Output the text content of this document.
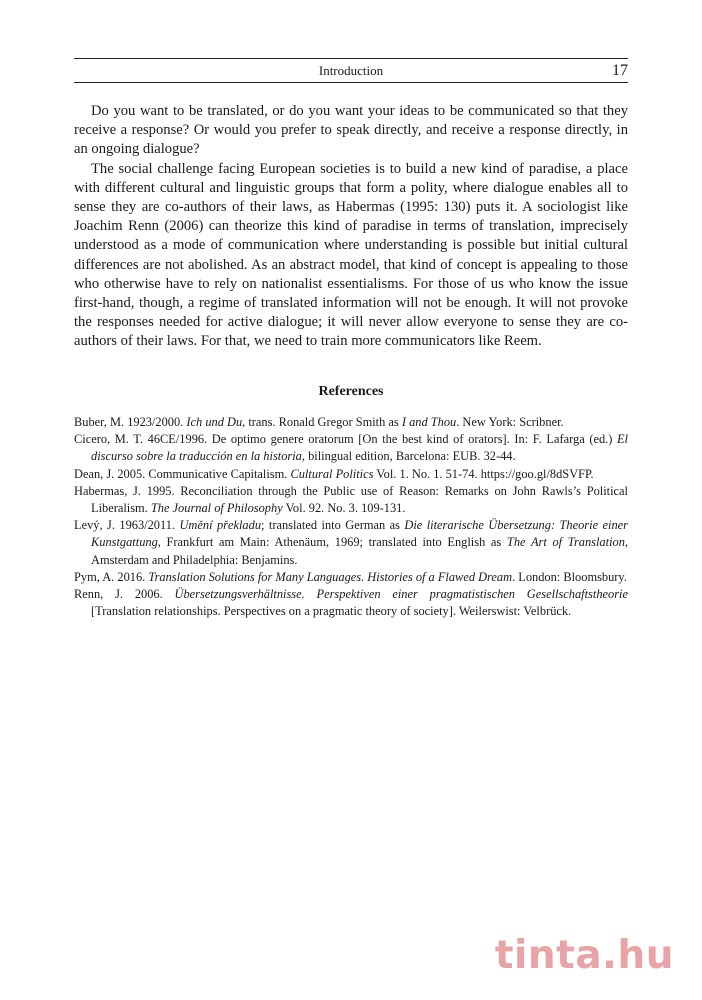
Introduction	17

Do you want to be translated, or do you want your ideas to be communicated so that they receive a response? Or would you prefer to speak directly, and receive a response directly, in an ongoing dialogue?

The social challenge facing European societies is to build a new kind of paradise, a place with different cultural and linguistic groups that form a polity, where dialogue enables all to sense they are co-authors of their laws, as Habermas (1995: 130) puts it. A sociologist like Joachim Renn (2006) can theorize this kind of paradise in terms of translation, imprecisely understood as a mode of communication where understanding is possible but initial cultural differences are not abolished. As an abstract model, that kind of concept is appealing to those who otherwise have to rely on nationalist essentialisms. For those of us who know the issue first-hand, though, a regime of translated information will not be enough. It will not provoke the responses needed for active dialogue; it will never allow everyone to sense they are co-authors of their laws. For that, we need to train more communicators like Reem.

References

Buber, M. 1923/2000. Ich und Du, trans. Ronald Gregor Smith as I and Thou. New York: Scribner.

Cicero, M. T. 46CE/1996. De optimo genere oratorum [On the best kind of orators]. In: F. Lafarga (ed.) El discurso sobre la traducción en la historia, bilingual edition, Barcelona: EUB. 32-44.

Dean, J. 2005. Communicative Capitalism. Cultural Politics Vol. 1. No. 1. 51-74. https://goo.gl/8dSVFP.

Habermas, J. 1995. Reconciliation through the Public use of Reason: Remarks on John Rawls’s Political Liberalism. The Journal of Philosophy Vol. 92. No. 3. 109-131.

Levý, J. 1963/2011. Umění překladu; translated into German as Die literarische Übersetzung: Theorie einer Kunstgattung, Frankfurt am Main: Athenäum, 1969; translated into English as The Art of Translation, Amsterdam and Philadelphia: Benjamins.

Pym, A. 2016. Translation Solutions for Many Languages. Histories of a Flawed Dream. London: Bloomsbury.

Renn, J. 2006. Übersetzungsverhältnisse. Perspektiven einer pragmatistischen Gesellschaftstheorie [Translation relationships. Perspectives on a pragmatic theory of society]. Weilerswist: Velbrück.

tinta.hu
